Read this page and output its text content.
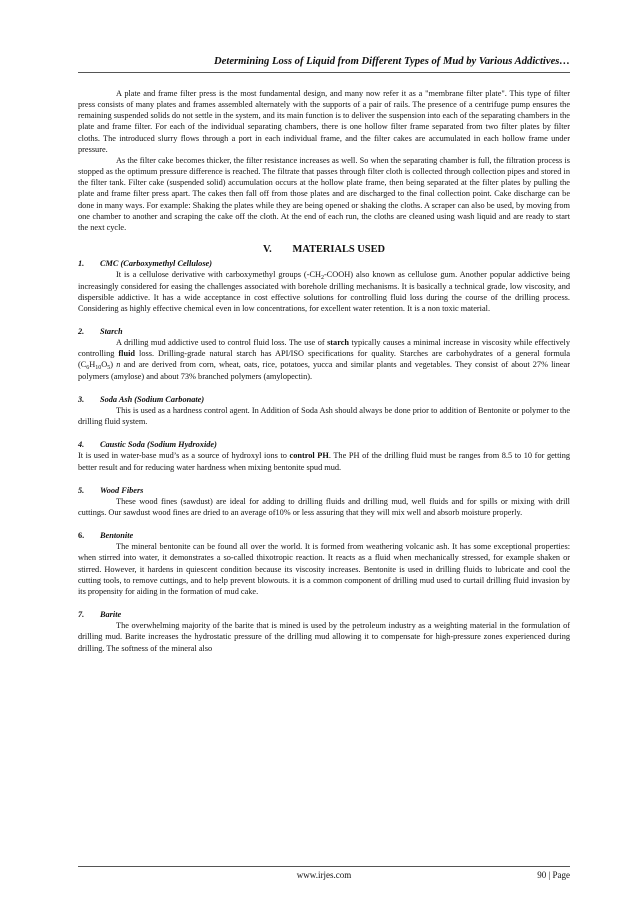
Determining Loss of Liquid from Different Types of Mud by Various Addictives…

A plate and frame filter press is the most fundamental design, and many now refer it as a "membrane filter plate". This type of filter press consists of many plates and frames assembled alternately with the supports of a pair of rails. The presence of a centrifuge pump ensures the remaining suspended solids do not settle in the system, and its main function is to deliver the suspension into each of the separating chambers in the plate and frame filter. For each of the individual separating chambers, there is one hollow filter frame separated from two filter plates by filter cloths. The introduced slurry flows through a port in each individual frame, and the filter cakes are accumulated in each hollow frame under pressure.

As the filter cake becomes thicker, the filter resistance increases as well. So when the separating chamber is full, the filtration process is stopped as the optimum pressure difference is reached. The filtrate that passes through filter cloth is collected through collection pipes and stored in the filter tank. Filter cake (suspended solid) accumulation occurs at the hollow plate frame, then being separated at the filter plates by pulling the plate and frame filter press apart. The cakes then fall off from those plates and are discharged to the final collection point. Cake discharge can be done in many ways. For example: Shaking the plates while they are being opened or shaking the cloths. A scraper can also be used, by moving from one chamber to another and scraping the cake off the cloth. At the end of each run, the cloths are cleaned using wash liquid and are ready to start the next cycle.

V.        MATERIALS USED
1. CMC (Carboxymethyl Cellulose)

It is a cellulose derivative with carboxymethyl groups $(-CH_2-COOH)$ also known as cellulose gum. Another popular addictive being increasingly considered for easing the challenges associated with borehole drilling mechanisms. It is basically a technical grade, low viscosity, and dispersible addictive. It has a wide acceptance in cost effective solutions for controlling fluid loss during the course of the drilling process. Considering as highly effective chemical even in low concentrations, for excellent water retention. It is a non toxic material.

2. Starch

A drilling mud addictive used to control fluid loss. The use of starch typically causes a minimal increase in viscosity while effectively controlling fluid loss. Drilling-grade natural starch has API/ISO specifications for quality. Starches are carbohydrates of a general formula $(C_6H_{10}O_5)$ n and are derived from corn, wheat, oats, rice, potatoes, yucca and similar plants and vegetables. They consist of about 27% linear polymers (amylose) and about 73% branched polymers (amylopectin).

3. Soda Ash (Sodium Carbonate)

This is used as a hardness control agent. In Addition of Soda Ash should always be done prior to addition of Bentonite or polymer to the drilling fluid system.

4. Caustic Soda (Sodium Hydroxide)

It is used in water-base mud’s as a source of hydroxyl ions to control PH. The PH of the drilling fluid must be ranges from 8.5 to 10 for getting better result and for reducing water hardness when mixing bentonite spud mud.

5. Wood Fibers

These wood fines (sawdust) are ideal for adding to drilling fluids and drilling mud, well fluids and for spills or mixing with drill cuttings. Our sawdust wood fines are dried to an average of10% or less assuring that they will mix well and absorb moisture properly.

6. Bentonite

The mineral bentonite can be found all over the world. It is formed from weathering volcanic ash. It has some exceptional properties: when stirred into water, it demonstrates a so-called thixotropic reaction. It reacts as a fluid when mechanically stressed, for example shaken or stirred. However, it hardens in quiescent condition because its viscosity increases. Bentonite is used in drilling fluids to lubricate and cool the cutting tools, to remove cuttings, and to help prevent blowouts. it is a common component of drilling mud used to curtail drilling fluid invasion by its propensity for aiding in the formation of mud cake.

7. Barite

The overwhelming majority of the barite that is mined is used by the petroleum industry as a weighting material in the formulation of drilling mud. Barite increases the hydrostatic pressure of the drilling mud allowing it to compensate for high-pressure zones experienced during drilling. The softness of the mineral also

www.irjes.com	90 | Page
